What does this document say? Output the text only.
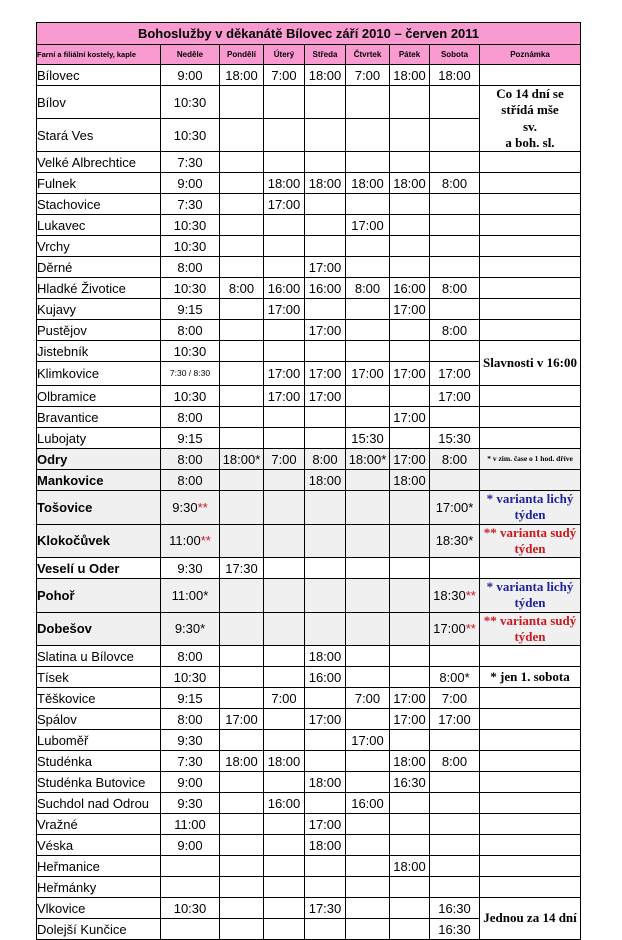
Bohoslužby v děkanátě Bílovec září 2010 – červen 2011								
Farní a filiální kostely, kaple	Neděle	Pondělí	Úterý	Středa	Čtvrtek	Pátek	Sobota	Poznámka
Bílovec	9:00	18:00	7:00	18:00	7:00	18:00	18:00	
Bílov	10:30							Co 14 dní se střídá mše
sv.
a boh. sl.

Stará Ves	10:30							
Velké Albrechtice	7:30							
Fulnek	9:00		18:00	18:00	18:00	18:00	8:00	
Stachovice	7:30		17:00					
Lukavec	10:30				17:00			
Vrchy	10:30							
Děrné	8:00			17:00				
Hladké Životice	10:30	8:00	16:00	16:00	8:00	16:00	8:00	
Kujavy	9:15		17:00			17:00		
Pustějov	8:00			17:00			8:00	
Jistebník	10:30							Slavnosti v 16:00
Klimkovice	7:30 / 8:30		17:00	17:00	17:00	17:00	17:00	
Olbramice	10:30		17:00	17:00			17:00	
Bravantice	8:00					17:00		
Lubojaty	9:15				15:30		15:30	
Odry	8:00	18:00*	7:00	8:00	18:00*	17:00	8:00	* v zim. čase o 1 hod. dříve
Mankovice	8:00			18:00		18:00		
Tošovice	9:30**						17:00*	* varianta lichý týden
Klokočůvek	11:00**						18:30*	** varianta sudý týden
Veselí u Oder	9:30	17:30						
Pohoř	11:00*						18:30**	* varianta lichý týden
Dobešov	9:30*						17:00**	** varianta sudý týden
Slatina u Bílovce	8:00			18:00				
Tísek	10:30			16:00			8:00*	* jen 1. sobota
Těškovice	9:15		7:00		7:00	17:00	7:00	
Spálov	8:00	17:00		17:00		17:00	17:00	
Luboměř	9:30				17:00			
Studénka	7:30	18:00	18:00			18:00	8:00	
Studénka Butovice	9:00			18:00		16:30		
Suchdol nad Odrou	9:30		16:00		16:00			
Vražné	11:00			17:00				
Véska	9:00			18:00				
Heřmanice						18:00		
Heřmánky								
Vlkovice	10:30			17:30			16:30	Jednou za 14 dní
Dolejší Kunčice							16:30	
